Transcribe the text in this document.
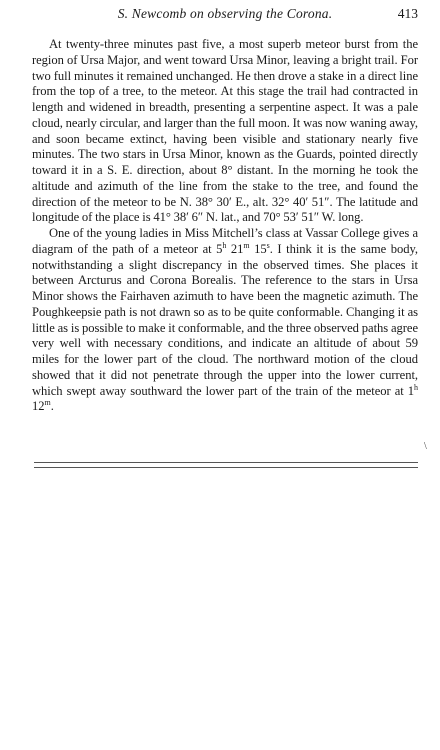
S. Newcomb on observing the Corona.	413

At twenty-three minutes past five, a most superb meteor burst from the region of Ursa Major, and went toward Ursa Minor, leaving a bright trail. For two full minutes it remained unchanged. He then drove a stake in a direct line from the top of a tree, to the meteor. At this stage the trail had contracted in length and widened in breadth, presenting a serpentine aspect. It was a pale cloud, nearly circular, and larger than the full moon. It was now waning away, and soon became extinct, having been visible and stationary nearly five minutes. The two stars in Ursa Minor, known as the Guards, pointed directly toward it in a S. E. direction, about 8° distant. In the morning he took the altitude and azimuth of the line from the stake to the tree, and found the direction of the meteor to be N. 38° 30′ E., alt. 32° 40′ 51″. The latitude and longitude of the place is 41° 38′ 6″ N. lat., and 70° 53′ 51″ W. long.

One of the young ladies in Miss Mitchell’s class at Vassar College gives a diagram of the path of a meteor at 5$^h$ 21$^m$ 15$^s$. I think it is the same body, notwithstanding a slight discrepancy in the observed times. She places it between Arcturus and Corona Borealis. The reference to the stars in Ursa Minor shows the Fairhaven azimuth to have been the magnetic azimuth. The Poughkeepsie path is not drawn so as to be quite conformable. Changing it as little as is possible to make it conformable, and the three observed paths agree very well with necessary conditions, and indicate an altitude of about 59 miles for the lower part of the cloud. The northward motion of the cloud showed that it did not penetrate through the upper into the lower current, which swept away southward the lower part of the train of the meteor at 1$^h$ 12$^m$.

\
